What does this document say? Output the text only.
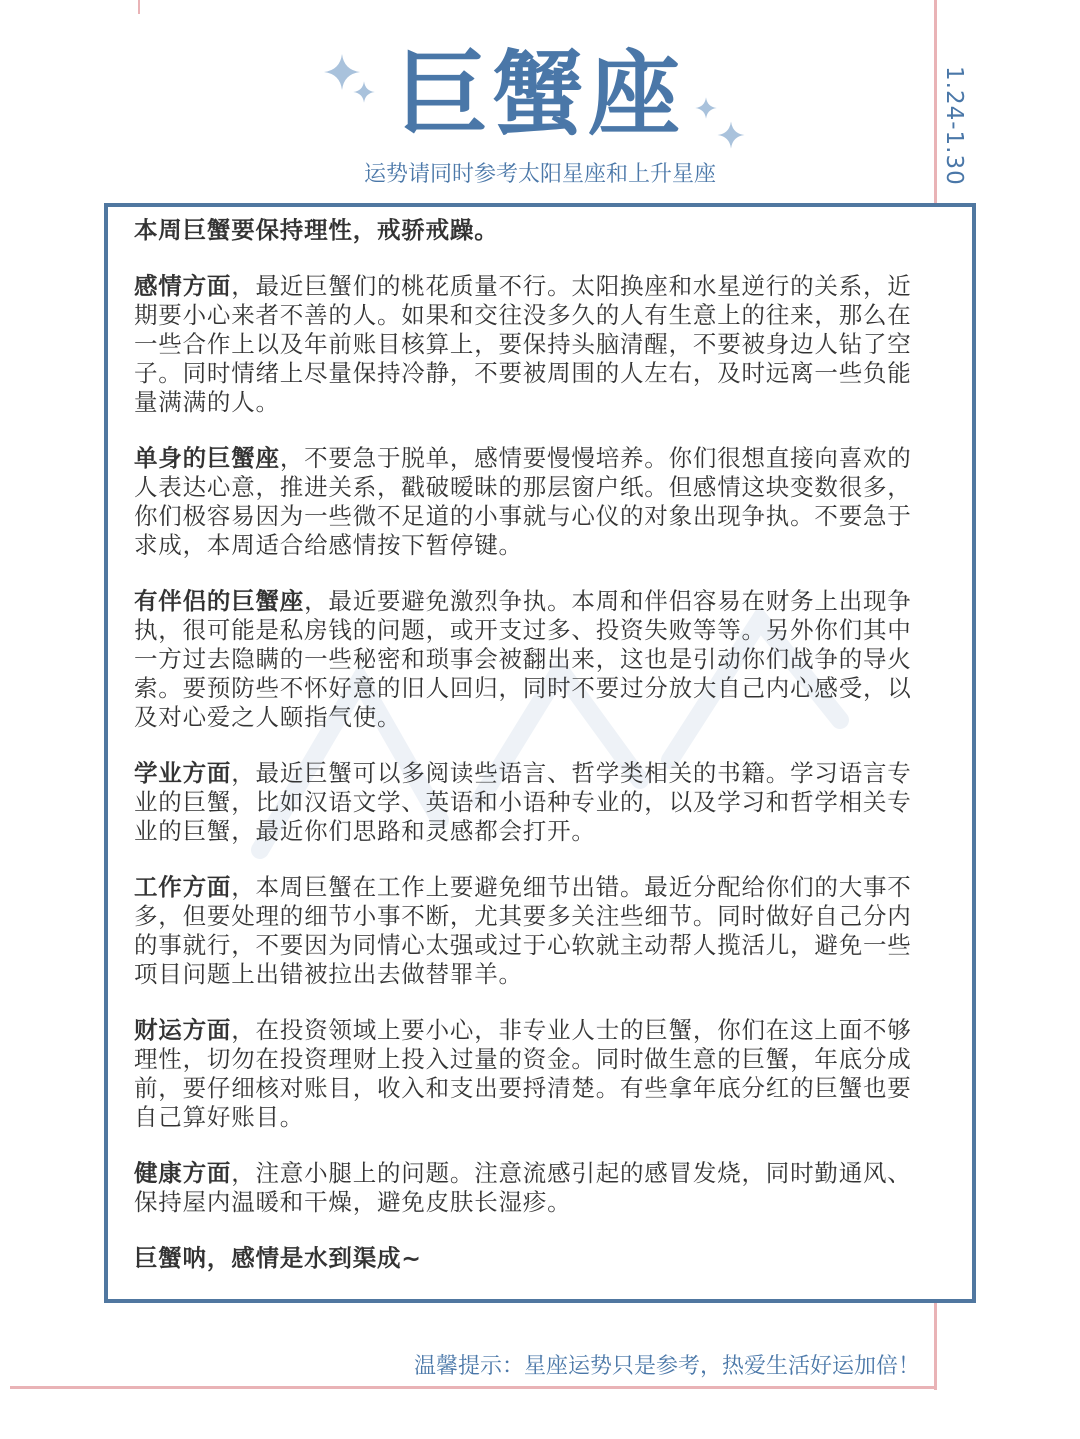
巨蟹座
运势请同时参考太阳星座和上升星座	1.24-1.30

本周巨蟹要保持理性，戒骄戒躁。

感情方面，最近巨蟹们的桃花质量不行。太阳换座和水星逆行的关系，近期要小心来者不善的人。如果和交往没多久的人有生意上的往来，那么在一些合作上以及年前账目核算上，要保持头脑清醒，不要被身边人钻了空子。同时情绪上尽量保持冷静，不要被周围的人左右，及时远离一些负能量满满的人。

单身的巨蟹座，不要急于脱单，感情要慢慢培养。你们很想直接向喜欢的人表达心意，推进关系，戳破暧昧的那层窗户纸。但感情这块变数很多，你们极容易因为一些微不足道的小事就与心仪的对象出现争执。不要急于求成，本周适合给感情按下暂停键。

有伴侣的巨蟹座，最近要避免激烈争执。本周和伴侣容易在财务上出现争执，很可能是私房钱的问题，或开支过多、投资失败等等。另外你们其中一方过去隐瞒的一些秘密和琐事会被翻出来，这也是引动你们战争的导火索。要预防些不怀好意的旧人回归，同时不要过分放大自己内心感受，以及对心爱之人颐指气使。

学业方面，最近巨蟹可以多阅读些语言、哲学类相关的书籍。学习语言专业的巨蟹，比如汉语文学、英语和小语种专业的，以及学习和哲学相关专业的巨蟹，最近你们思路和灵感都会打开。

工作方面，本周巨蟹在工作上要避免细节出错。最近分配给你们的大事不多，但要处理的细节小事不断，尤其要多关注些细节。同时做好自己分内的事就行，不要因为同情心太强或过于心软就主动帮人揽活儿，避免一些项目问题上出错被拉出去做替罪羊。

财运方面，在投资领域上要小心，非专业人士的巨蟹，你们在这上面不够理性，切勿在投资理财上投入过量的资金。同时做生意的巨蟹，年底分成前，要仔细核对账目，收入和支出要捋清楚。有些拿年底分红的巨蟹也要自己算好账目。

健康方面，注意小腿上的问题。注意流感引起的感冒发烧，同时勤通风、保持屋内温暖和干燥，避免皮肤长湿疹。

巨蟹呐，感情是水到渠成~

温馨提示：星座运势只是参考，热爱生活好运加倍！
